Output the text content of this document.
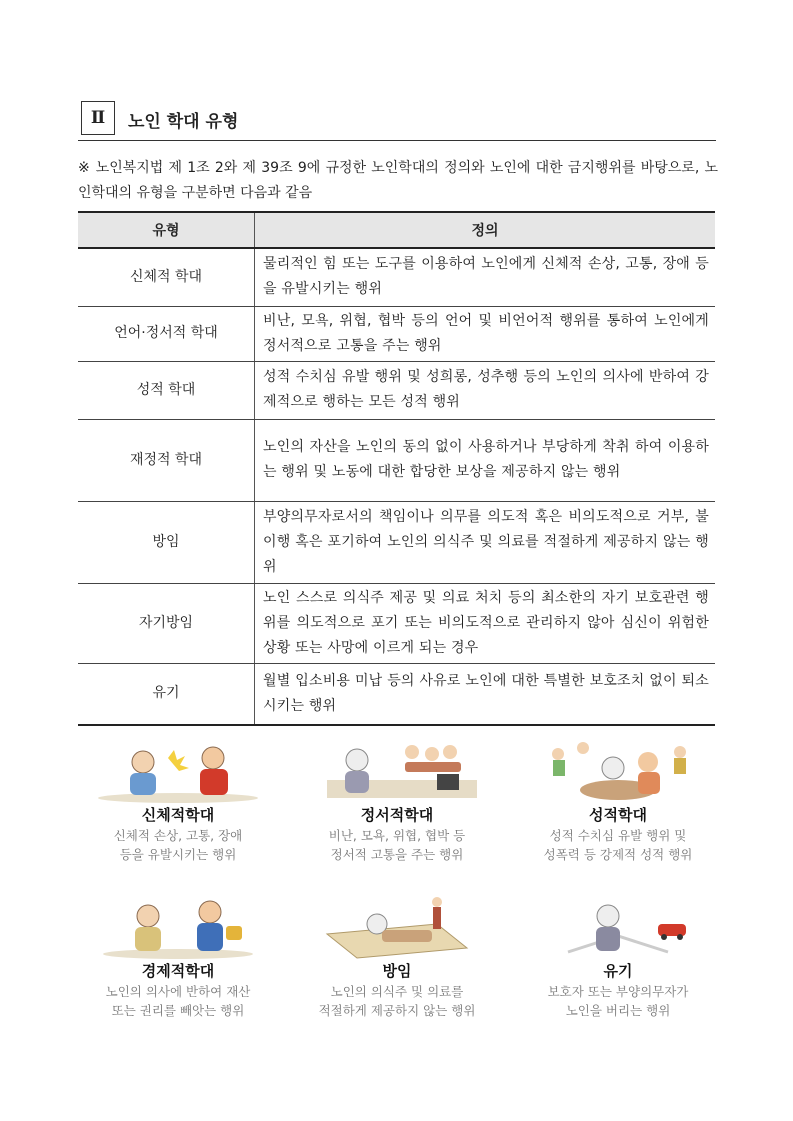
Ⅱ	노인 학대 유형
※ 노인복지법 제 1조 2와 제 39조 9에 규정한 노인학대의 정의와 노인에 대한 금지행위를 바탕으로, 노인학대의 유형을 구분하면 다음과 같음
유형	정의
신체적 학대	물리적인 힘 또는 도구를 이용하여 노인에게 신체적 손상, 고통, 장애 등을 유발시키는 행위
언어·정서적 학대	비난, 모욕, 위협, 협박 등의 언어 및 비언어적 행위를 통하여 노인에게 정서적으로 고통을 주는 행위
성적 학대	성적 수치심 유발 행위 및 성희롱, 성추행 등의 노인의 의사에 반하여 강제적으로 행하는 모든 성적 행위
재정적 학대	노인의 자산을 노인의 동의 없이 사용하거나 부당하게 착취 하여 이용하는 행위 및 노동에 대한 합당한 보상을 제공하지 않는 행위
방임	부양의무자로서의 책임이나 의무를 의도적 혹은 비의도적으로 거부, 불이행 혹은 포기하여 노인의 의식주 및 의료를 적절하게 제공하지 않는 행위
자기방임	노인 스스로 의식주 제공 및 의료 처치 등의 최소한의 자기 보호관련 행위를 의도적으로 포기 또는 비의도적으로 관리하지 않아 심신이 위험한 상황 또는 사망에 이르게 되는 경우
유기	월별 입소비용 미납 등의 사유로 노인에 대한 특별한 보호조치 없이 퇴소시키는 행위
신체적학대
신체적 손상, 고통, 장애
등을 유발시키는 행위
정서적학대
비난, 모욕, 위협, 협박 등
정서적 고통을 주는 행위
성적학대
성적 수치심 유발 행위 및
성폭력 등 강제적 성적 행위
경제적학대
노인의 의사에 반하여 재산
또는 권리를 빼앗는 행위
방임
노인의 의식주 및 의료를
적절하게 제공하지 않는 행위
유기
보호자 또는 부양의무자가
노인을 버리는 행위
